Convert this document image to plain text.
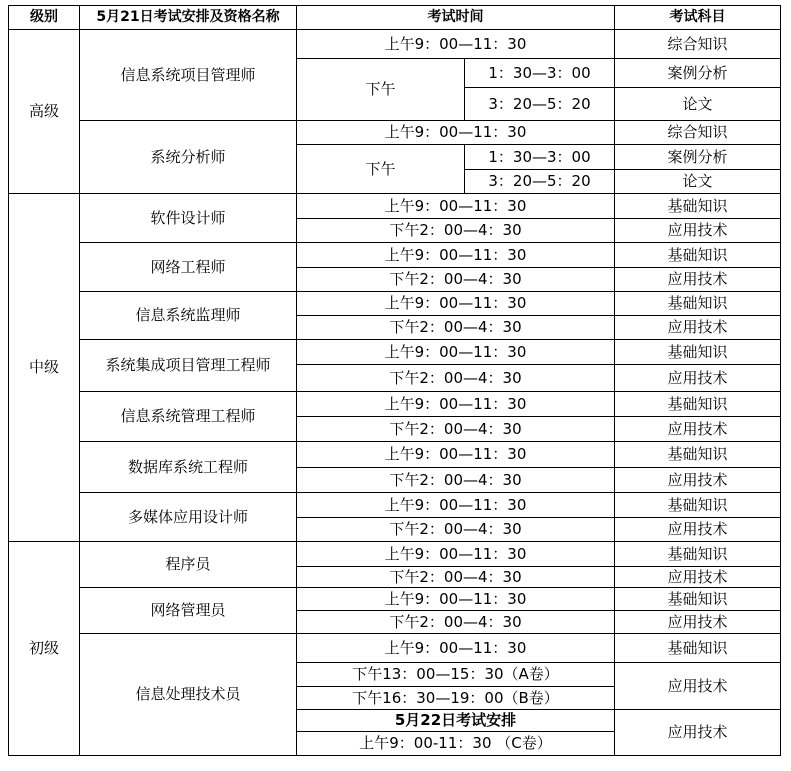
级别	5月21日考试安排及资格名称	考试时间		考试科目
高级	信息系统项目管理师	上午9：00—11：30		综合知识
		下午	1：30—3：00	案例分析
			3：20—5：20	论文
	系统分析师	上午9：00—11：30		综合知识
		下午	1：30—3：00	案例分析
			3：20—5：20	论文
中级	软件设计师	上午9：00—11：30		基础知识
		下午2：00—4：30		应用技术
	网络工程师	上午9：00—11：30		基础知识
		下午2：00—4：30		应用技术
	信息系统监理师	上午9：00—11：30		基础知识
		下午2：00—4：30		应用技术
	系统集成项目管理工程师	上午9：00—11：30		基础知识
		下午2：00—4：30		应用技术
	信息系统管理工程师	上午9：00—11：30		基础知识
		下午2：00—4：30		应用技术
	数据库系统工程师	上午9：00—11：30		基础知识
		下午2：00—4：30		应用技术
	多媒体应用设计师	上午9：00—11：30		基础知识
		下午2：00—4：30		应用技术
初级	程序员	上午9：00—11：30		基础知识
		下午2：00—4：30		应用技术
	网络管理员	上午9：00—11：30		基础知识
		下午2：00—4：30		应用技术
	信息处理技术员	上午9：00—11：30		基础知识
		下午13：00—15：30（A卷）		应用技术
		下午16：30—19：00（B卷）		
		5月22日考试安排		应用技术
		上午9：00-11：30 （C卷）		
